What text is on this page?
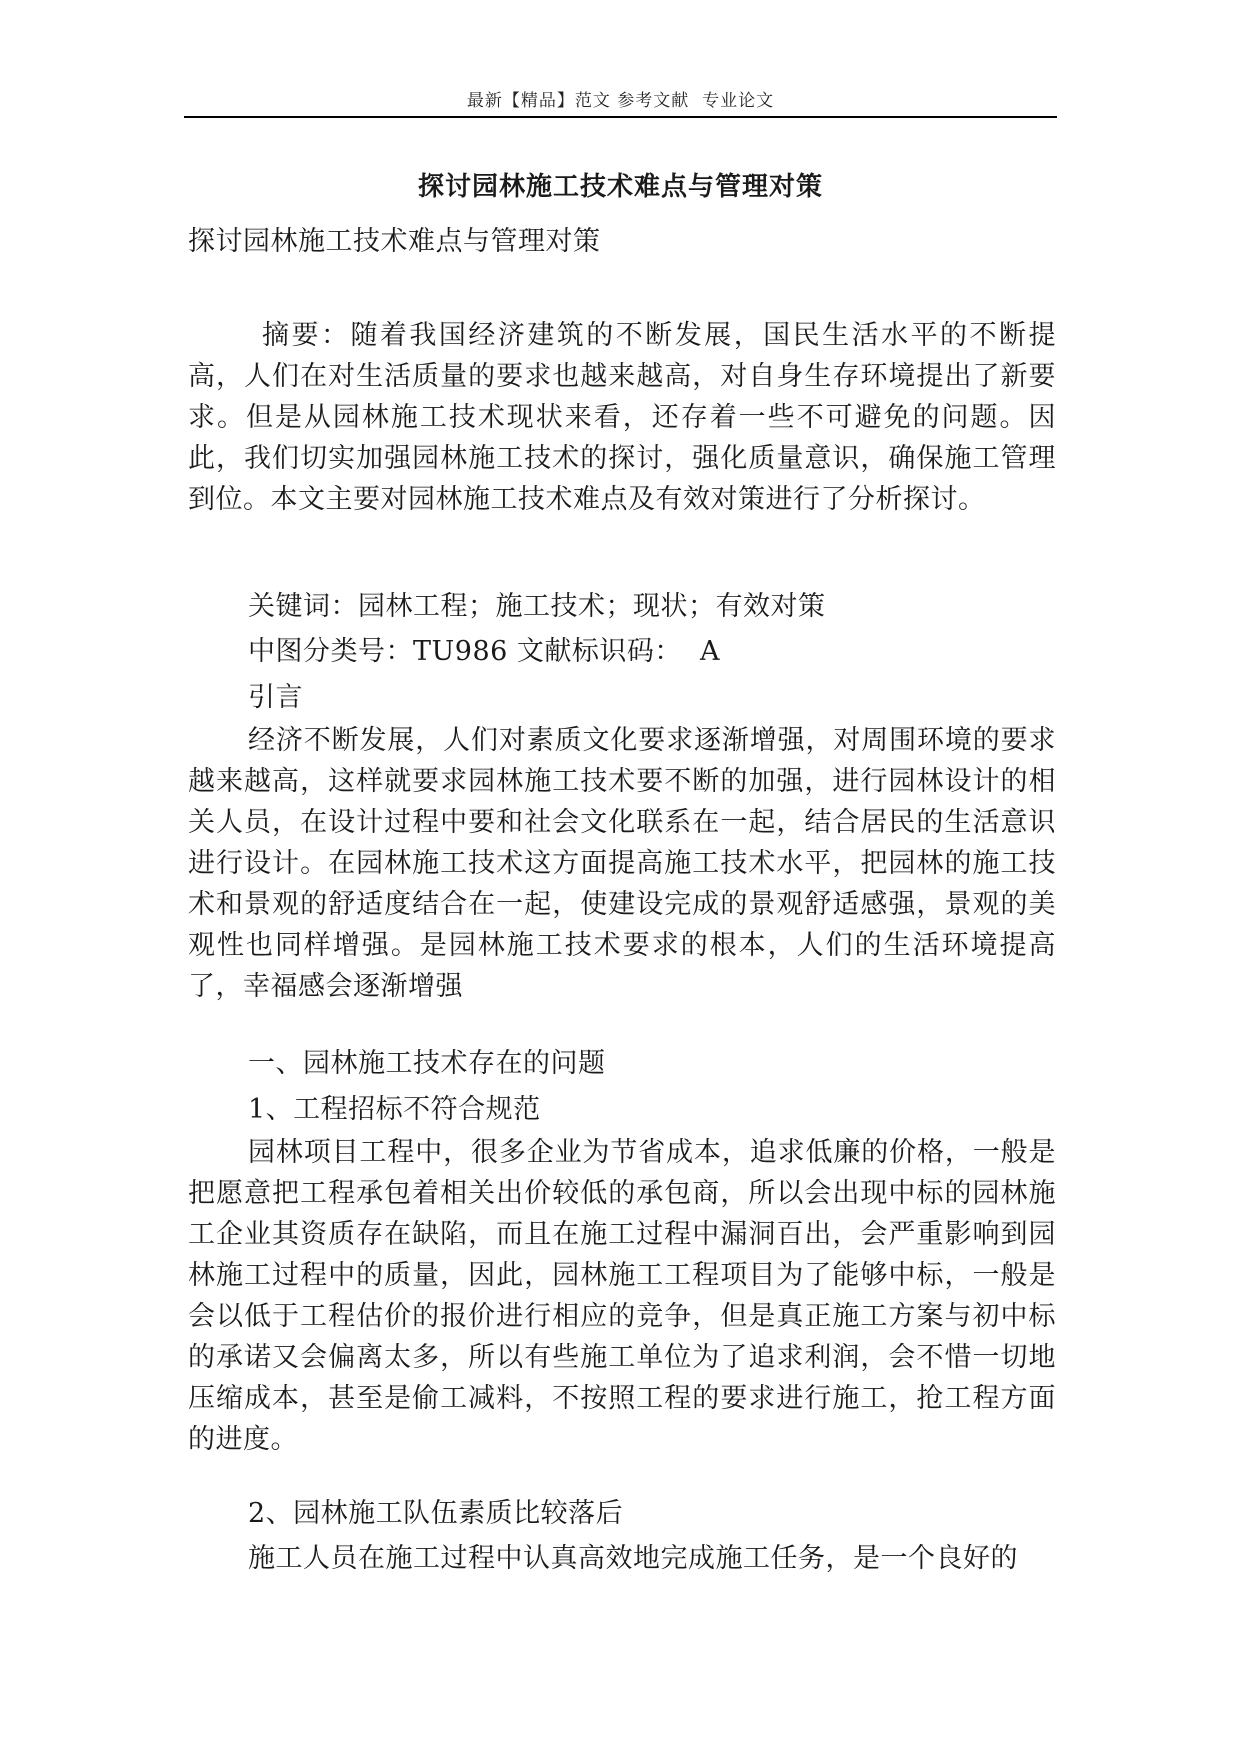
最新【精品】范文 参考文献  专业论文
探讨园林施工技术难点与管理对策
探讨园林施工技术难点与管理对策
摘要：随着我国经济建筑的不断发展，国民生活水平的不断提高，人们在对生活质量的要求也越来越高，对自身生存环境提出了新要求。但是从园林施工技术现状来看，还存着一些不可避免的问题。因此，我们切实加强园林施工技术的探讨，强化质量意识，确保施工管理到位。本文主要对园林施工技术难点及有效对策进行了分析探讨。
关键词：园林工程；施工技术；现状；有效对策
中图分类号：TU986 文献标识码：  A
引言
经济不断发展，人们对素质文化要求逐渐增强，对周围环境的要求越来越高，这样就要求园林施工技术要不断的加强，进行园林设计的相关人员，在设计过程中要和社会文化联系在一起，结合居民的生活意识进行设计。在园林施工技术这方面提高施工技术水平，把园林的施工技术和景观的舒适度结合在一起，使建设完成的景观舒适感强，景观的美观性也同样增强。是园林施工技术要求的根本，人们的生活环境提高了，幸福感会逐渐增强
一、园林施工技术存在的问题
1、工程招标不符合规范
园林项目工程中，很多企业为节省成本，追求低廉的价格，一般是把愿意把工程承包着相关出价较低的承包商，所以会出现中标的园林施工企业其资质存在缺陷，而且在施工过程中漏洞百出，会严重影响到园林施工过程中的质量，因此，园林施工工程项目为了能够中标，一般是会以低于工程估价的报价进行相应的竞争，但是真正施工方案与初中标的承诺又会偏离太多，所以有些施工单位为了追求利润，会不惜一切地压缩成本，甚至是偷工减料，不按照工程的要求进行施工，抢工程方面的进度。
2、园林施工队伍素质比较落后
施工人员在施工过程中认真高效地完成施工任务，是一个良好的
